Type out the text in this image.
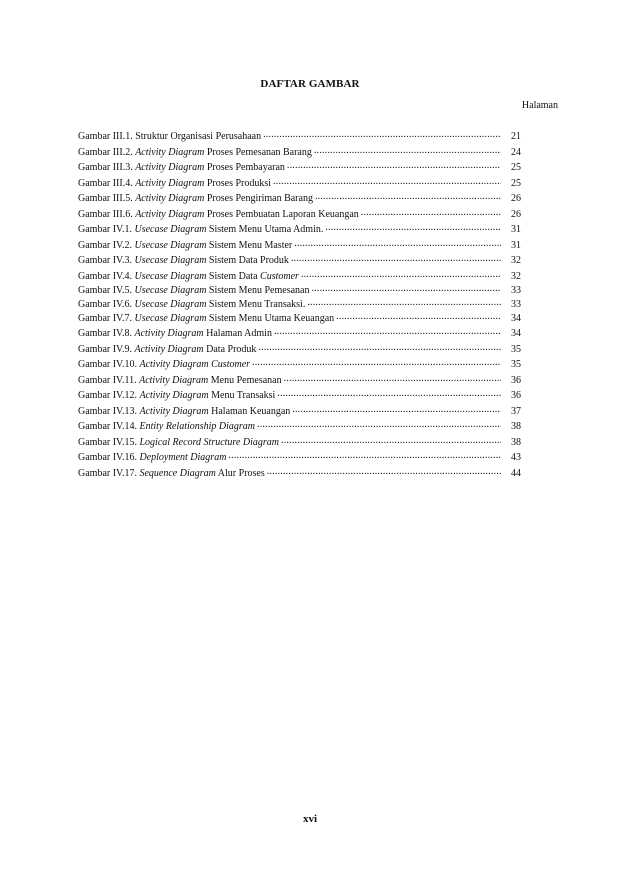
DAFTAR GAMBAR
Halaman
Gambar III.1. Struktur Organisasi Perusahaan .....	21
Gambar III.2. Activity Diagram Proses Pemesanan Barang .....	24
Gambar III.3. Activity Diagram Proses Pembayaran .....	25
Gambar III.4. Activity Diagram Proses Produksi .....	25
Gambar III.5. Activity Diagram Proses Pengiriman Barang .....	26
Gambar III.6. Activity Diagram Proses Pembuatan Laporan Keuangan .....	26
Gambar IV.1. Usecase Diagram Sistem Menu Utama Admin. .....	31
Gambar IV.2. Usecase Diagram Sistem Menu Master .....	31
Gambar IV.3. Usecase Diagram Sistem Data Produk .....	32
Gambar IV.4. Usecase Diagram Sistem Data Customer .....	32
Gambar IV.5. Usecase Diagram Sistem Menu Pemesanan .....	33
Gambar IV.6. Usecase Diagram Sistem Menu Transaksi. .....	33
Gambar IV.7. Usecase Diagram Sistem Menu Utama Keuangan .....	34
Gambar IV.8. Activity Diagram Halaman Admin .....	34
Gambar IV.9. Activity Diagram Data Produk .....	35
Gambar IV.10. Activity Diagram Customer .....	35
Gambar IV.11. Activity Diagram Menu Pemesanan .....	36
Gambar IV.12. Activity Diagram Menu Transaksi .....	36
Gambar IV.13. Activity Diagram Halaman Keuangan .....	37
Gambar IV.14. Entity Relationship Diagram .....	38
Gambar IV.15. Logical Record Structure Diagram .....	38
Gambar IV.16. Deployment Diagram .....	43
Gambar IV.17. Sequence Diagram Alur Proses .....	44
xvi
